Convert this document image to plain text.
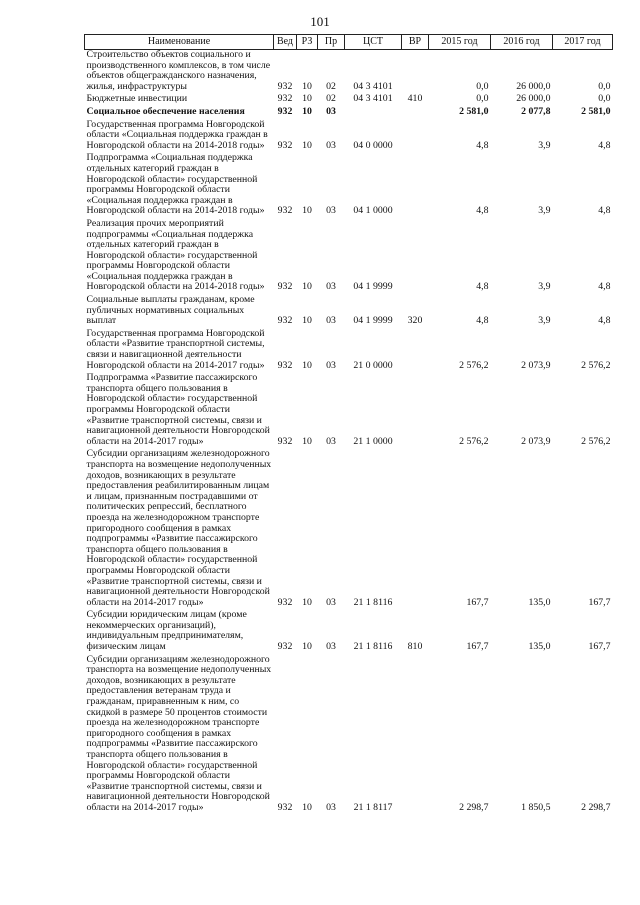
101
Наименование	Вед	РЗ	Пр	ЦСТ	ВР	2015 год	2016 год	2017 год
Строительство объектов социального и производственного комплексов, в том числе объектов общегражданского назначения, жилья, инфраструктуры	932	10	02	04 3 4101		0,0	26 000,0	0,0
Бюджетные инвестиции	932	10	02	04 3 4101	410	0,0	26 000,0	0,0
Социальное обеспечение населения	932	10	03			2 581,0	2 077,8	2 581,0
Государственная программа Новгородской области «Социальная поддержка граждан в Новгородской области на 2014-2018 годы»	932	10	03	04 0 0000		4,8	3,9	4,8
Подпрограмма «Социальная поддержка отдельных категорий граждан в Новгородской области» государственной программы Новгородской области «Социальная поддержка граждан в Новгородской области на 2014-2018 годы»	932	10	03	04 1 0000		4,8	3,9	4,8
Реализация прочих мероприятий подпрограммы «Социальная поддержка отдельных категорий граждан в Новгородской области» государственной программы Новгородской области «Социальная поддержка граждан в Новгородской области на 2014-2018 годы»	932	10	03	04 1 9999		4,8	3,9	4,8
Социальные выплаты гражданам, кроме публичных нормативных социальных выплат	932	10	03	04 1 9999	320	4,8	3,9	4,8
Государственная программа Новгородской области «Развитие транспортной системы, связи и навигационной деятельности Новгородской области на 2014-2017 годы»	932	10	03	21 0 0000		2 576,2	2 073,9	2 576,2
Подпрограмма «Развитие пассажирского транспорта общего пользования в Новгородской области» государственной программы Новгородской области «Развитие транспортной системы, связи и навигационной деятельности Новгородской области на 2014-2017 годы»	932	10	03	21 1 0000		2 576,2	2 073,9	2 576,2
Субсидии организациям железнодорожного транспорта на возмещение недополученных доходов, возникающих в результате предоставления реабилитированным лицам и лицам, признанным пострадавшими от политических репрессий, бесплатного проезда на железнодорожном транспорте пригородного сообщения в рамках подпрограммы «Развитие пассажирского транспорта общего пользования в Новгородской области» государственной программы Новгородской области «Развитие транспортной системы, связи и навигационной деятельности Новгородской области на 2014-2017 годы»	932	10	03	21 1 8116		167,7	135,0	167,7
Субсидии юридическим лицам (кроме некоммерческих организаций), индивидуальным предпринимателям, физическим лицам	932	10	03	21 1 8116	810	167,7	135,0	167,7
Субсидии организациям железнодорожного транспорта на возмещение недополученных доходов, возникающих в результате предоставления ветеранам труда и гражданам, приравненным к ним, со скидкой в размере 50 процентов стоимости проезда на железнодорожном транспорте пригородного сообщения в рамках подпрограммы «Развитие пассажирского транспорта общего пользования в Новгородской области» государственной программы Новгородской области «Развитие транспортной системы, связи и навигационной деятельности Новгородской области на 2014-2017 годы»	932	10	03	21 1 8117		2 298,7	1 850,5	2 298,7
